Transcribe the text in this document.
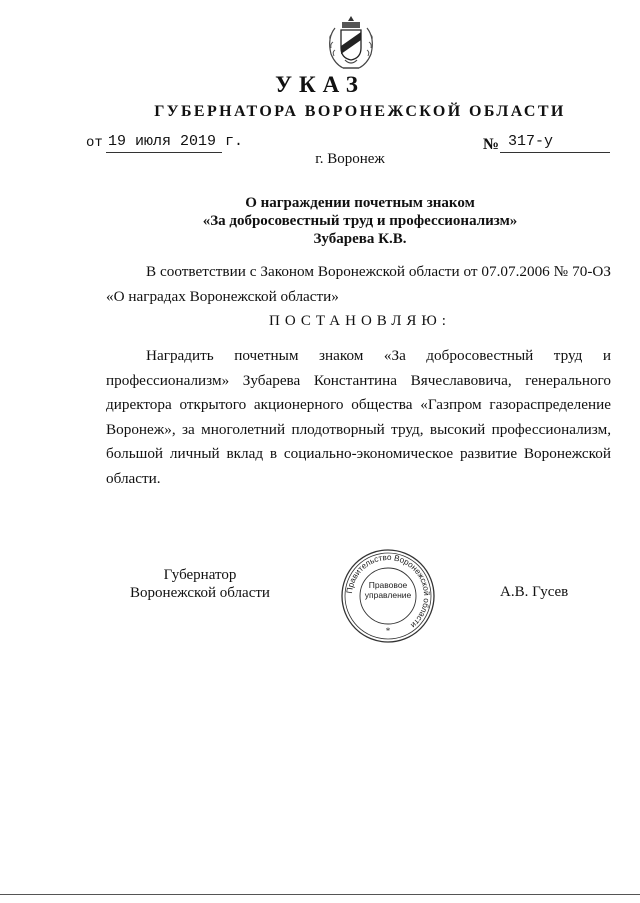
УКАЗ
ГУБЕРНАТОРА ВОРОНЕЖСКОЙ ОБЛАСТИ
от 19 июля 2019 г.	№ 317-у
г. Воронеж
О награждении почетным знаком
«За добросовестный труд и профессионализм»
Зубарева К.В.
В соответствии с Законом Воронежской области от 07.07.2006 № 70-ОЗ «О наградах Воронежской области»
ПОСТАНОВЛЯЮ:
Наградить почетным знаком «За добросовестный труд и профессионализм» Зубарева Константина Вячеславовича, генерального директора открытого акционерного общества «Газпром газораспределение Воронеж», за многолетний плодотворный труд, высокий профессионализм, большой личный вклад в социально-экономическое развитие Воронежской области.
Губернатор
Воронежской области	Правительство Воронежской области
*
Правовое
управление	А.В. Гусев
